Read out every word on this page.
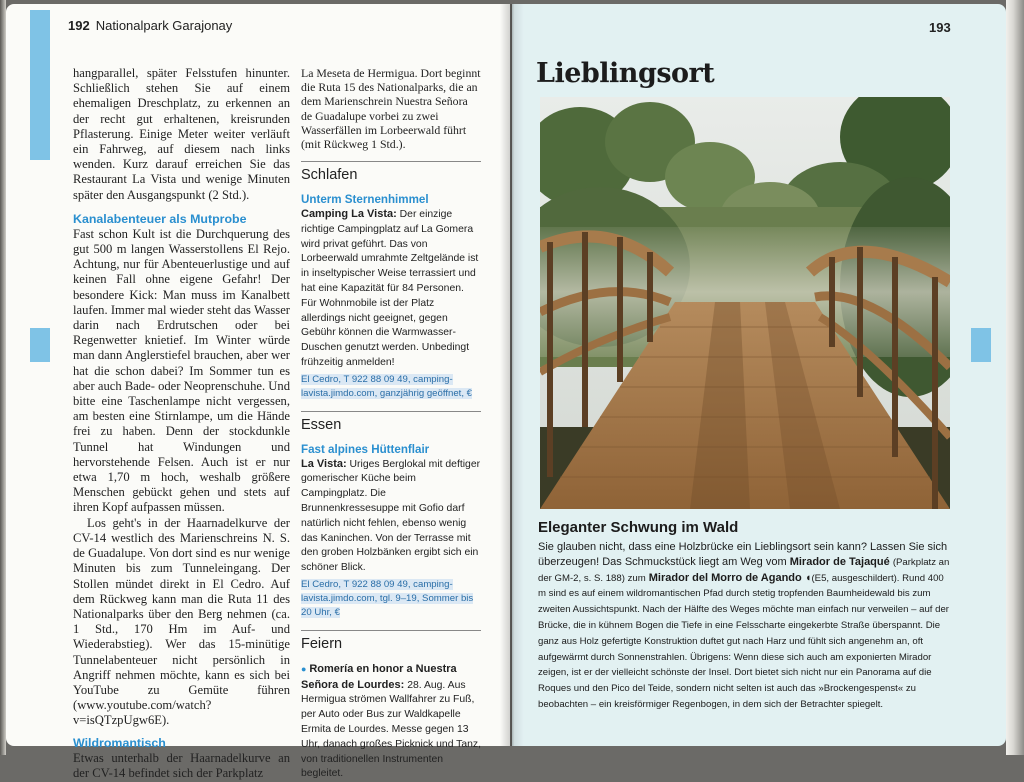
192 Nationalpark Garajonay

hangparallel, später Felsstufen hinunter. Schließlich stehen Sie auf einem ehemaligen Dreschplatz, zu erkennen an der recht gut erhaltenen, kreisrunden Pflasterung. Einige Meter weiter verläuft ein Fahrweg, auf diesem nach links wenden. Kurz darauf erreichen Sie das Restaurant La Vista und wenige Minuten später den Ausgangspunkt (2 Std.).

Kanalabenteuer als Mutprobe

Fast schon Kult ist die Durchquerung des gut 500 m langen Wasserstollens El Rejo. Achtung, nur für Abenteuerlustige und auf keinen Fall ohne eigene Gefahr! Der besondere Kick: Man muss im Kanalbett laufen. Immer mal wieder steht das Wasser darin nach Erdrutschen oder bei Regenwetter knietief. Im Winter würde man dann Anglerstiefel brauchen, aber wer hat die schon dabei? Im Sommer tun es aber auch Bade- oder Neoprenschuhe. Und bitte eine Taschenlampe nicht vergessen, am besten eine Stirnlampe, um die Hände frei zu haben. Denn der stockdunkle Tunnel hat Windungen und hervorstehende Felsen. Auch ist er nur etwa 1,70 m hoch, weshalb größere Menschen gebückt gehen und stets auf ihren Kopf aufpassen müssen.

Los geht's in der Haarnadelkurve der CV-14 westlich des Marienschreins N. S. de Guadalupe. Von dort sind es nur wenige Minuten bis zum Tunneleingang. Der Stollen mündet direkt in El Cedro. Auf dem Rückweg kann man die Ruta 11 des Nationalparks über den Berg nehmen (ca. 1 Std., 170 Hm im Auf- und Wiederabstieg). Wer das 15-minütige Tunnelabenteuer nicht persönlich in Angriff nehmen möchte, kann es sich bei YouTube zu Gemüte führen (www.youtube.com/watch?v=isQTzpUgw6E).

Wildromantisch

Etwas unterhalb der Haarnadelkurve an der CV-14 befindet sich der Parkplatz

La Meseta de Hermigua. Dort beginnt die Ruta 15 des Nationalparks, die an dem Marienschrein Nuestra Señora de Guadalupe vorbei zu zwei Wasserfällen im Lorbeerwald führt (mit Rückweg 1 Std.).

Schlafen
Unterm Sternenhimmel

Camping La Vista: Der einzige richtige Campingplatz auf La Gomera wird privat geführt. Das von Lorbeerwald umrahmte Zeltgelände ist in inseltypischer Weise terrassiert und hat eine Kapazität für 84 Personen. Für Wohnmobile ist der Platz allerdings nicht geeignet, gegen Gebühr können die Warmwasser-Duschen genutzt werden. Unbedingt frühzeitig anmelden!

El Cedro, T 922 88 09 49, camping-lavista.jimdo.com, ganzjährig geöffnet, €
Essen
Fast alpines Hüttenflair

La Vista: Uriges Berglokal mit deftiger gomerischer Küche beim Campingplatz. Die Brunnenkressesuppe mit Gofio darf natürlich nicht fehlen, ebenso wenig das Kaninchen. Von der Terrasse mit den groben Holzbänken ergibt sich ein schöner Blick.

El Cedro, T 922 88 09 49, camping-lavista.jimdo.com, tgl. 9–19, Sommer bis 20 Uhr, €
Feiern

● Romería en honor a Nuestra Señora de Lourdes: 28. Aug. Aus Hermigua strömen Wallfahrer zu Fuß, per Auto oder Bus zur Waldkapelle Ermita de Lourdes. Messe gegen 13 Uhr, danach großes Picknick und Tanz, von traditionellen Instrumenten begleitet.

193
Lieblingsort
Eleganter Schwung im Wald

Sie glauben nicht, dass eine Holzbrücke ein Lieblingsort sein kann? Lassen Sie sich überzeugen! Das Schmuckstück liegt am Weg vom Mirador de Tajaqué (Parkplatz an der GM-2, s. S. 188) zum Mirador del Morro de Agando ◖(E5, ausgeschildert). Rund 400 m sind es auf einem wildromantischen Pfad durch stetig tropfenden Baumheidewald bis zum zweiten Aussichtspunkt. Nach der Hälfte des Weges möchte man einfach nur verweilen – auf der Brücke, die in kühnem Bogen die Tiefe in eine Felsscharte eingekerbte Straße überspannt. Die ganz aus Holz gefertigte Konstruktion duftet gut nach Harz und fühlt sich angenehm an, oft aufgewärmt durch Sonnenstrahlen. Übrigens: Wenn diese sich auch am exponierten Mirador zeigen, ist er der vielleicht schönste der Insel. Dort bietet sich nicht nur ein Panorama auf die Roques und den Pico del Teide, sondern nicht selten ist auch das »Brockengespenst« zu beobachten – ein kreisförmiger Regenbogen, in dem sich der Betrachter spiegelt.
